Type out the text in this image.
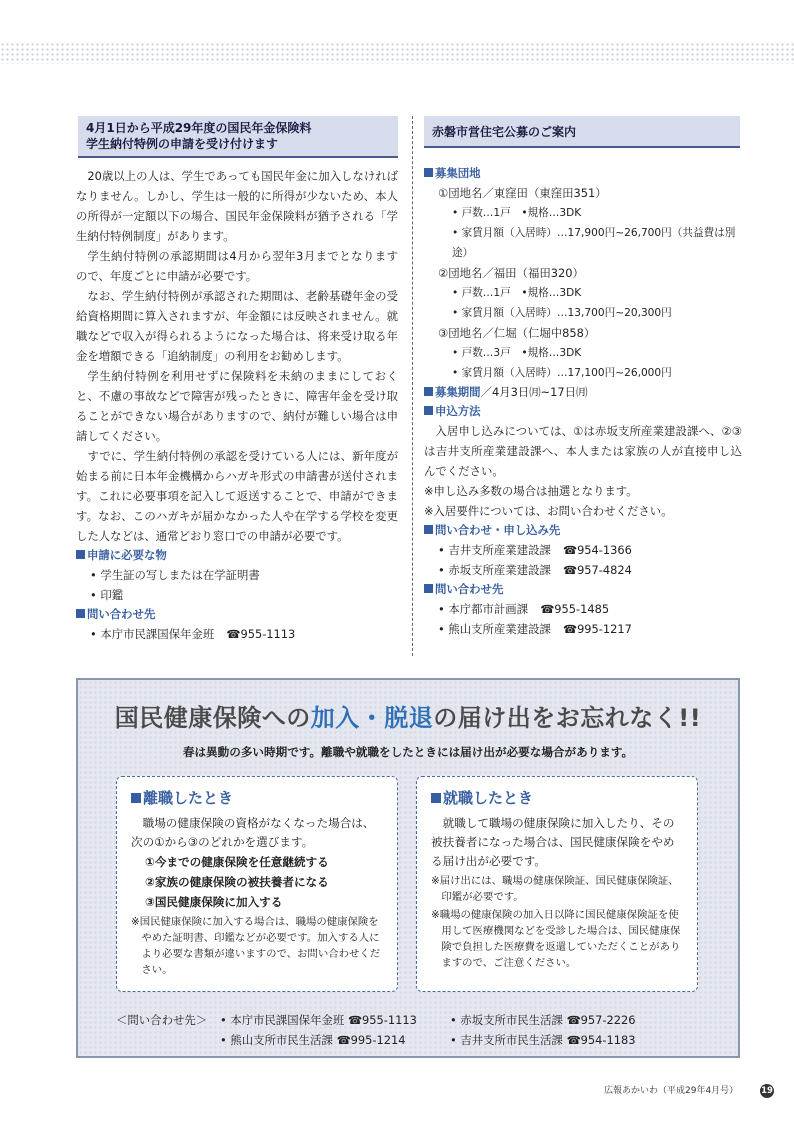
4月1日から平成29年度の国民年金保険料
学生納付特例の申請を受け付けます

20歳以上の人は、学生であっても国民年金に加入しなければなりません。しかし、学生は一般的に所得が少ないため、本人の所得が一定額以下の場合、国民年金保険料が猶予される「学生納付特例制度」があります。

学生納付特例の承認期間は4月から翌年3月までとなりますので、年度ごとに申請が必要です。

なお、学生納付特例が承認された期間は、老齢基礎年金の受給資格期間に算入されますが、年金額には反映されません。就職などで収入が得られるようになった場合は、将来受け取る年金を増額できる「追納制度」の利用をお勧めします。

学生納付特例を利用せずに保険料を未納のままにしておくと、不慮の事故などで障害が残ったときに、障害年金を受け取ることができない場合がありますので、納付が難しい場合は申請してください。

すでに、学生納付特例の承認を受けている人には、新年度が始まる前に日本年金機構からハガキ形式の申請書が送付されます。これに必要事項を記入して返送することで、申請ができます。なお、このハガキが届かなかった人や在学する学校を変更した人などは、通常どおり窓口での申請が必要です。

申請に必要な物
• 学生証の写しまたは在学証明書
• 印鑑
問い合わせ先
• 本庁市民課国保年金班 ☎955-1113
赤磐市営住宅公募のご案内
募集団地
①団地名／東窪田（東窪田351）
• 戸数…1戸　•規格…3DK
• 家賃月額（入居時）…17,900円~26,700円（共益費は別途）
②団地名／福田（福田320）
• 戸数…1戸　•規格…3DK
• 家賃月額（入居時）…13,700円~20,300円
③団地名／仁堀（仁堀中858）
• 戸数…3戸　•規格…3DK
• 家賃月額（入居時）…17,100円~26,000円
募集期間／4月3日㈪~17日㈪
申込方法

入居申し込みについては、①は赤坂支所産業建設課へ、②③は吉井支所産業建設課へ、本人または家族の人が直接申し込んでください。

※申し込み多数の場合は抽選となります。
※入居要件については、お問い合わせください。
問い合わせ・申し込み先
• 吉井支所産業建設課 ☎954-1366
• 赤坂支所産業建設課 ☎957-4824
問い合わせ先
• 本庁都市計画課 ☎955-1485
• 熊山支所産業建設課 ☎995-1217
国民健康保険への加入・脱退の届け出をお忘れなく!!
春は異動の多い時期です。離職や就職をしたときには届け出が必要な場合があります。
離職したとき

職場の健康保険の資格がなくなった場合は、次の①から③のどれかを選びます。

①今までの健康保険を任意継続する
②家族の健康保険の被扶養者になる
③国民健康保険に加入する

※国民健康保険に加入する場合は、職場の健康保険をやめた証明書、印鑑などが必要です。加入する人により必要な書類が違いますので、お問い合わせください。

就職したとき

就職して職場の健康保険に加入したり、その被扶養者になった場合は、国民健康保険をやめる届け出が必要です。

※届け出には、職場の健康保険証、国民健康保険証、印鑑が必要です。

※職場の健康保険の加入日以降に国民健康保険証を使用して医療機関などを受診した場合は、国民健康保険で負担した医療費を返還していただくことがありますので、ご注意ください。

＜問い合わせ先＞	• 本庁市民課国保年金班 ☎955-1113	• 赤坂支所市民生活課 ☎957-2226
• 熊山支所市民生活課 ☎995-1214	• 吉井支所市民生活課 ☎954-1183
広報あかいわ（平成29年4月号）	19
